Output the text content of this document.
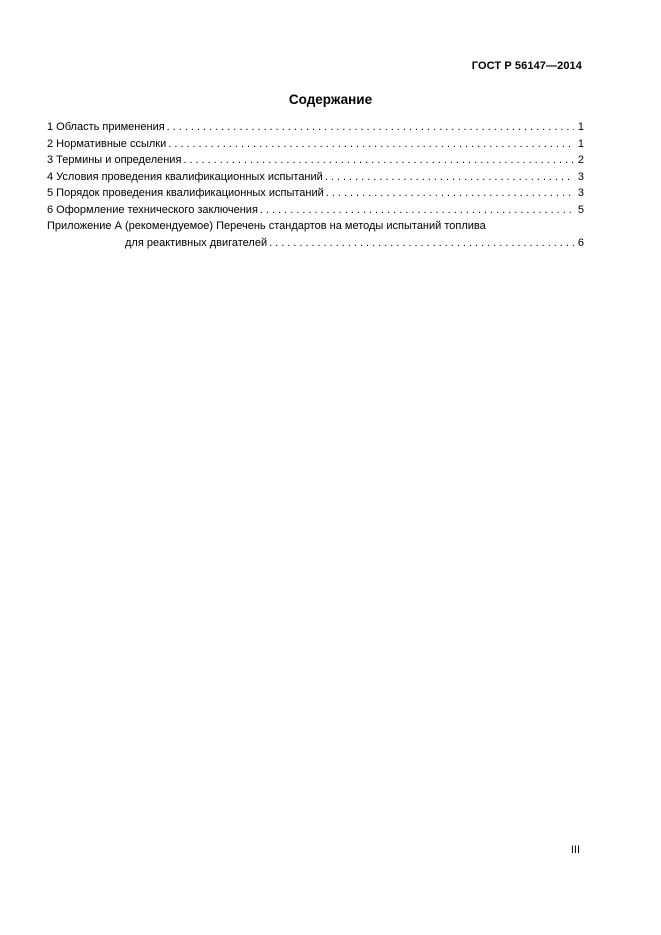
ГОСТ Р 56147—2014
Содержание
1 Область применения .....	1
2 Нормативные ссылки .....	1
3 Термины и определения .....	2
4 Условия проведения квалификационных испытаний .....	3
5 Порядок проведения квалификационных испытаний .....	3
6 Оформление технического заключения .....	5
Приложение А (рекомендуемое) Перечень стандартов на методы испытаний топлива
для реактивных двигателей .....	6
III
